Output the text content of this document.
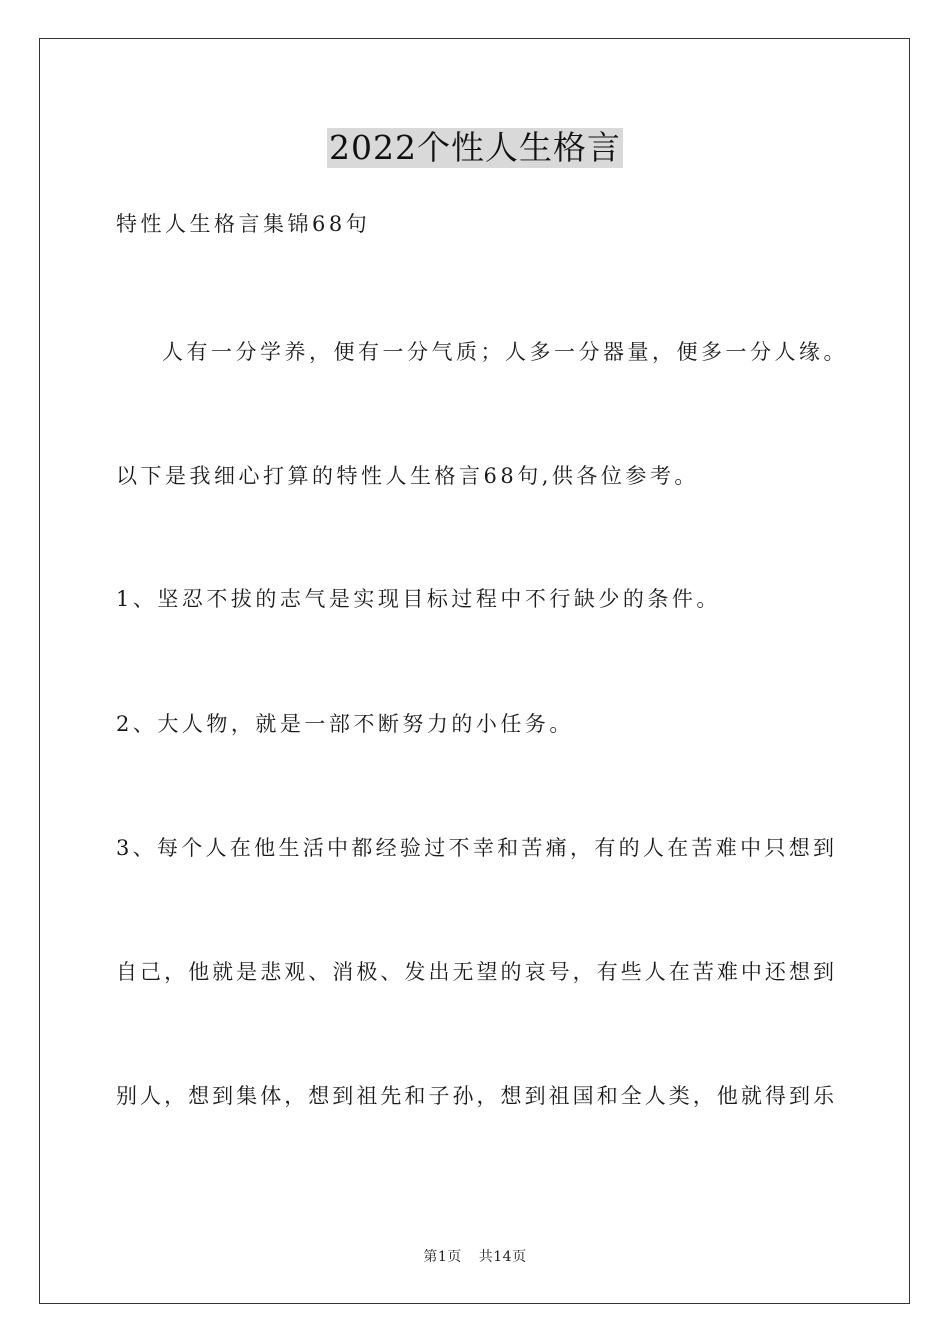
2022个性人生格言
特性人生格言集锦68句
人有一分学养，便有一分气质；人多一分器量，便多一分人缘。
以下是我细心打算的特性人生格言68句,供各位参考。
1、坚忍不拔的志气是实现目标过程中不行缺少的条件。
2、大人物，就是一部不断努力的小任务。
3、每个人在他生活中都经验过不幸和苦痛，有的人在苦难中只想到
自己，他就是悲观、消极、发出无望的哀号，有些人在苦难中还想到
别人，想到集体，想到祖先和子孙，想到祖国和全人类，他就得到乐
第1页 共14页
